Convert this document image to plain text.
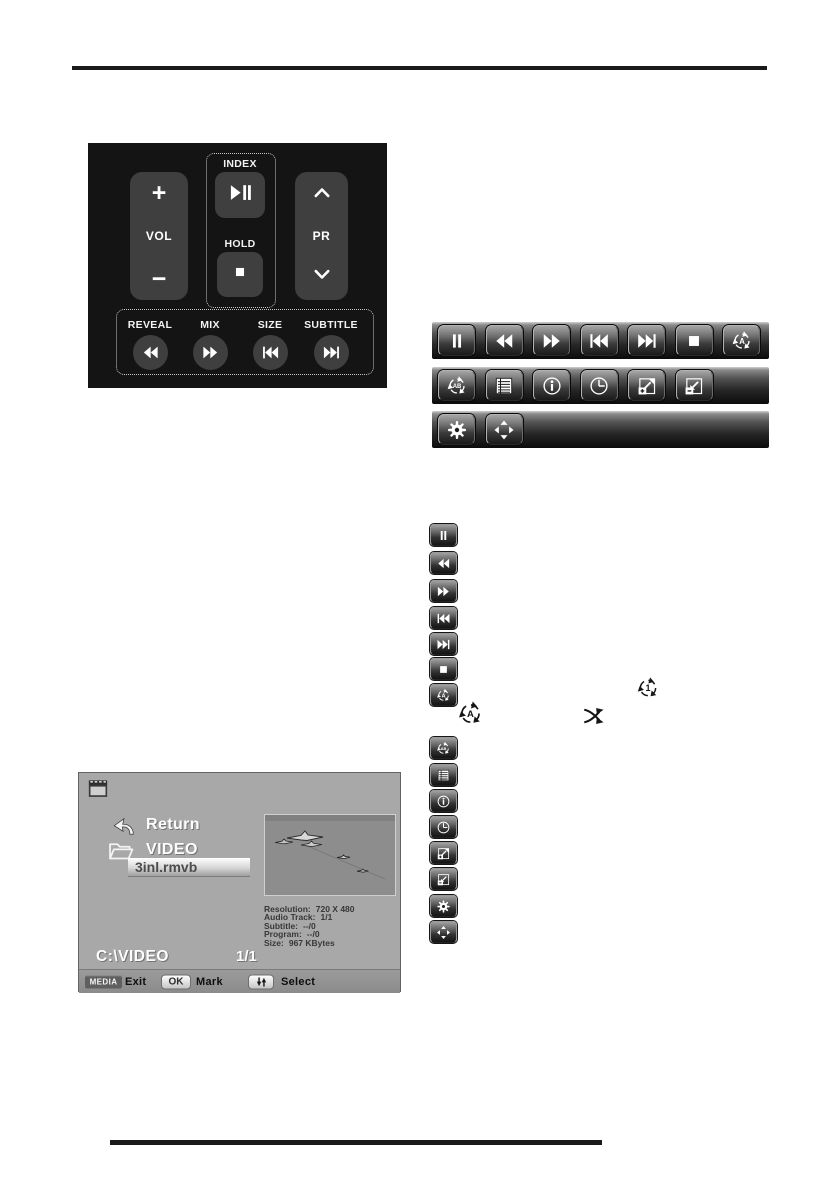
+
VOL
−
INDEX
HOLD
PR
REVEAL	MIX	SIZE	SUBTITLE
A
AB
Return
VIDEO
3inl.rmvb
Resolution: 720 X 480
Audio Track: 1/1
Subtitle: --/0
Program: --/0
Size: 967 KBytes
C:\VIDEO	1/1
MEDIA Exit	OK	Mark	Select
A
AB
1
A
